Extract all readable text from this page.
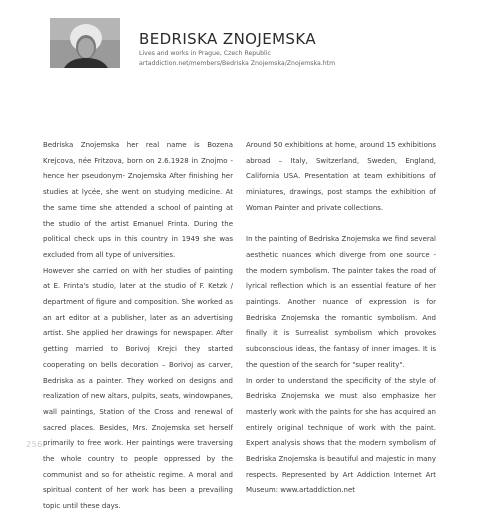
BEDRISKA ZNOJEMSKA
Lives and works in Prague, Czech Republic
artaddiction.net/members/Bedriska Znojemska/Znojemska.htm

Bedriska Znojemska her real name is Bozena Krejcova, née Fritzova, born on 2.6.1928 in Znojmo -hence her pseudonym- Znojemska After finishing her studies at lycée, she went on studying medicine. At the same time she attended a school of painting at the studio of the artist Emanuel Frinta. During the political check ups in this country in 1949 she was excluded from all type of universities.

However she carried on with her studies of painting at E. Frinta's studio, later at the studio of F. Ketzk / department of figure and composition. She worked as an art editor at a publisher, later as an advertising artist. She applied her drawings for newspaper. After getting married to Borivoj Krejci they started cooperating on bells decoration – Borivoj as carver, Bedriska as a painter. They worked on designs and realization of new altars, pulpits, seats, windowpanes, wall paintings, Station of the Cross and renewal of sacred places. Besides, Mrs. Znojemska set herself primarily to free work. Her paintings were traversing the whole country to people oppressed by the communist and so for atheistic regime. A moral and spiritual content of her work has been a prevailing topic until these days.

Around 50 exhibitions at home, around 15 exhibitions abroad – Italy, Switzerland, Sweden, England, California USA. Presentation at team exhibitions of miniatures, drawings, post stamps the exhibition of Woman Painter and private collections.

In the painting of Bedriska Znojemska we find several aesthetic nuances which diverge from one source - the modern symbolism. The painter takes the road of lyrical reflection which is an essential feature of her paintings. Another nuance of expression is for Bedriska Znojemska the romantic symbolism. And finally it is Surrealist symbolism which provokes subconscious ideas, the fantasy of inner images. It is the question of the search for "super reality".

In order to understand the specificity of the style of Bedriska Znojemska we must also emphasize her masterly work with the paints for she has acquired an entirely original technique of work with the paint. Expert analysis shows that the modern symbolism of Bedriska Znojemska is beautiful and majestic in many respects. Represented by Art Addiction Internet Art Museum: www.artaddiction.net

256
